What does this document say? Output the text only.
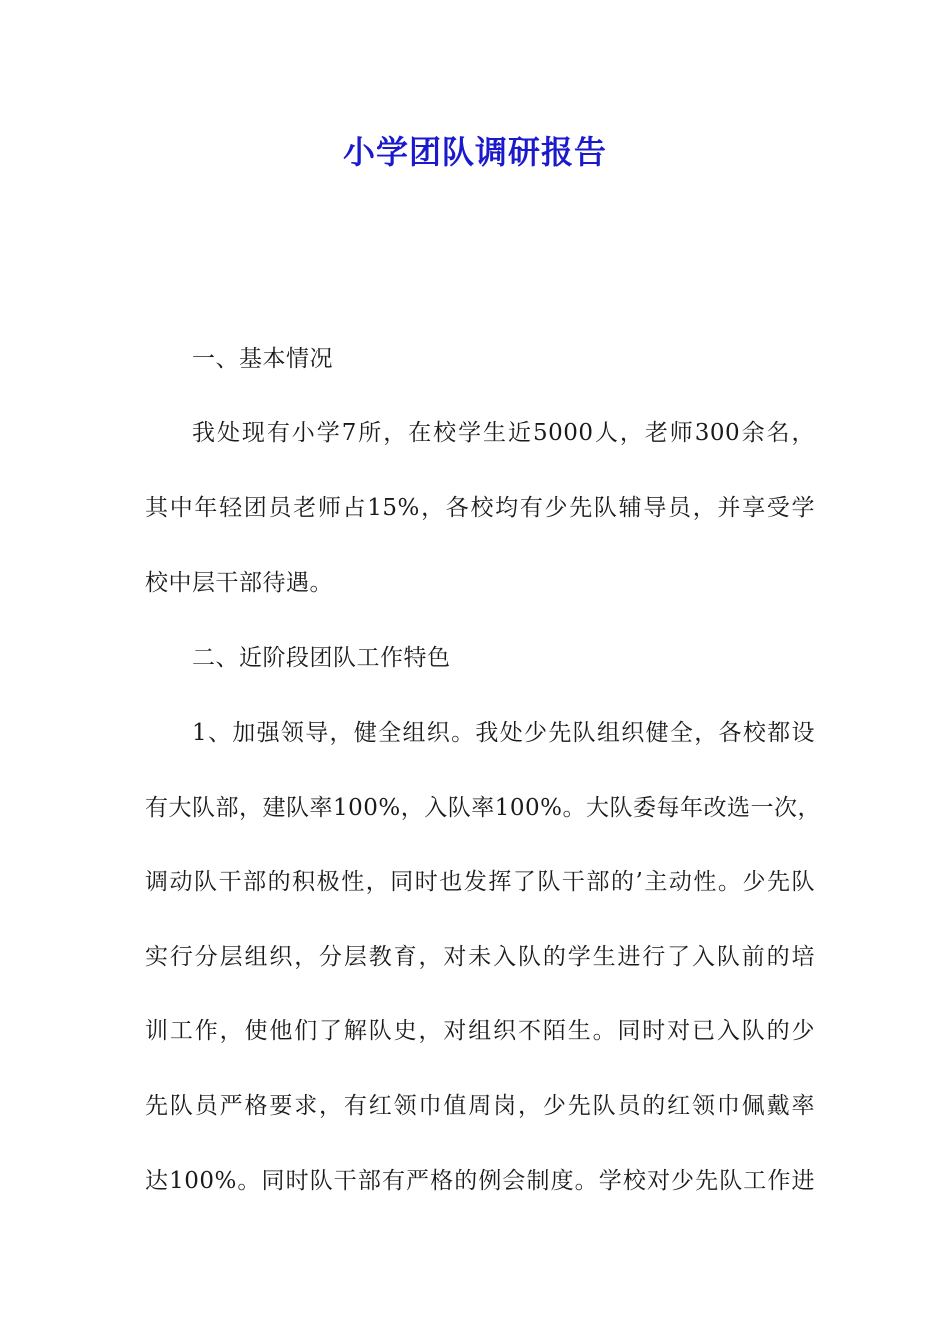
小学团队调研报告
一、基本情况
我处现有小学7所，在校学生近5000人，老师300余名，
其中年轻团员老师占15%，各校均有少先队辅导员，并享受学
校中层干部待遇。
二、近阶段团队工作特色
1、加强领导，健全组织。我处少先队组织健全，各校都设
有大队部，建队率100%，入队率100%。大队委每年改选一次，
调动队干部的积极性，同时也发挥了队干部的’主动性。少先队
实行分层组织，分层教育，对未入队的学生进行了入队前的培
训工作，使他们了解队史，对组织不陌生。同时对已入队的少
先队员严格要求，有红领巾值周岗，少先队员的红领巾佩戴率
达100%。同时队干部有严格的例会制度。学校对少先队工作进
